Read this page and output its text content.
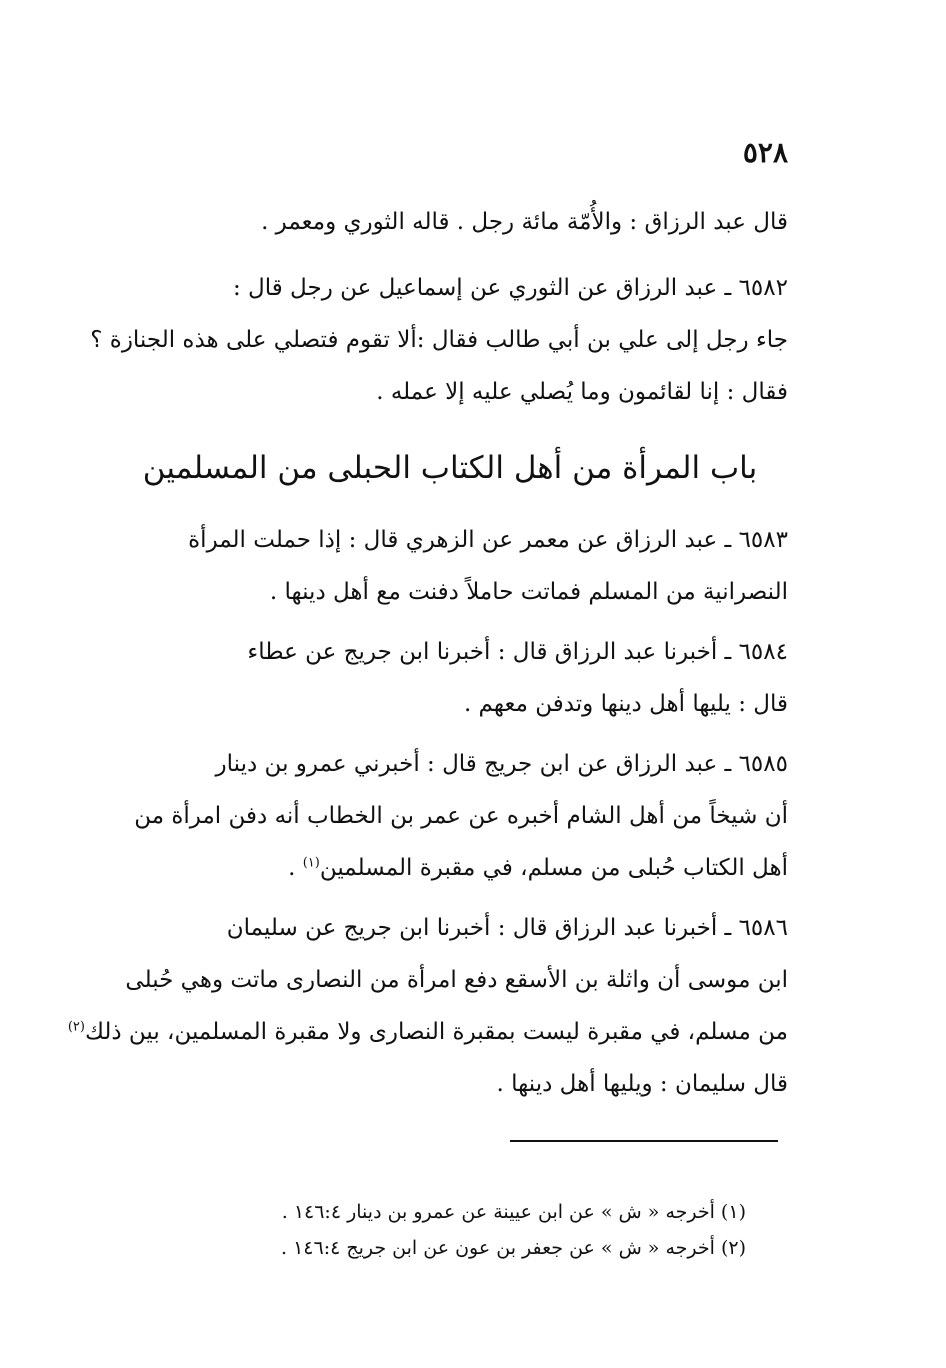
٥٢٨
قال عبد الرزاق : والأُمّة مائة رجل . قاله الثوري ومعمر .
٦٥٨٢ ـ عبد الرزاق عن الثوري عن إسماعيل عن رجل قال :
جاء رجل إلى علي بن أبي طالب فقال :ألا تقوم فتصلي على هذه الجنازة ؟
فقال : إنا لقائمون وما يُصلي عليه إلا عمله .
باب المرأة من أهل الكتاب الحبلى من المسلمين
٦٥٨٣ ـ عبد الرزاق عن معمر عن الزهري قال : إذا حملت المرأة
النصرانية من المسلم فماتت حاملاً دفنت مع أهل دينها .
٦٥٨٤ ـ أخبرنا عبد الرزاق قال : أخبرنا ابن جريج عن عطاء
قال : يليها أهل دينها وتدفن معهم .
٦٥٨٥ ـ عبد الرزاق عن ابن جريج قال : أخبرني عمرو بن دينار
أن شيخاً من أهل الشام أخبره عن عمر بن الخطاب أنه دفن امرأة من
أهل الكتاب حُبلى من مسلم، في مقبرة المسلمين$^{(١)}$ .
٦٥٨٦ ـ أخبرنا عبد الرزاق قال : أخبرنا ابن جريج عن سليمان
ابن موسى أن واثلة بن الأسقع دفع امرأة من النصارى ماتت وهي حُبلى
من مسلم، في مقبرة ليست بمقبرة النصارى ولا مقبرة المسلمين، بين ذلك$^{(٢)}$
قال سليمان : ويليها أهل دينها .
(١) أخرجه « ش » عن ابن عيينة عن عمرو بن دينار ١٤٦:٤ .
(٢) أخرجه « ش » عن جعفر بن عون عن ابن جريج ١٤٦:٤ .
